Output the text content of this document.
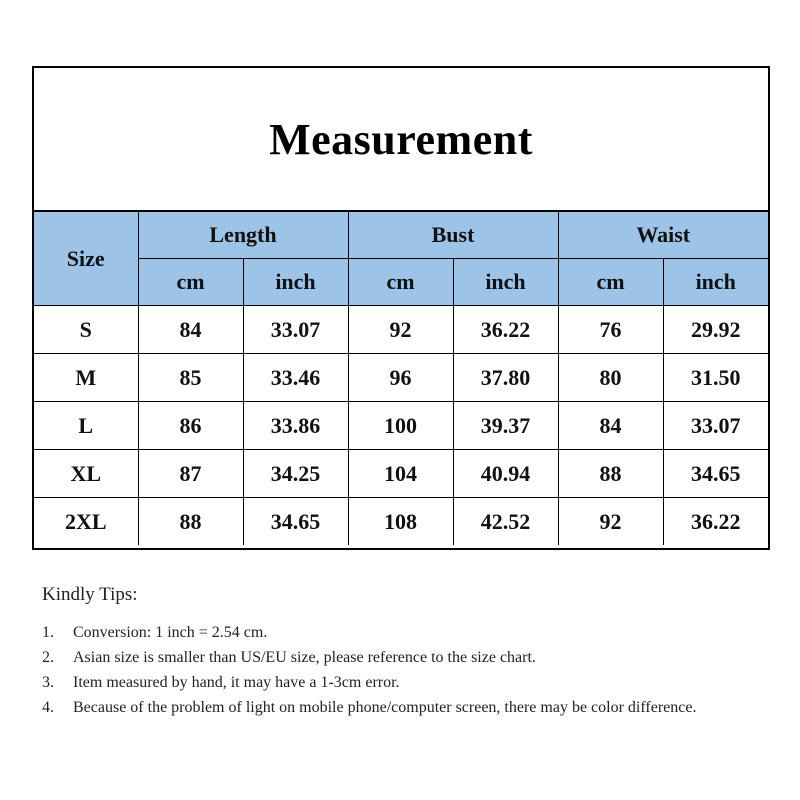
Measurement
Size	Length		Bust		Waist	
	cm	inch	cm	inch	cm	inch
S	84	33.07	92	36.22	76	29.92
M	85	33.46	96	37.80	80	31.50
L	86	33.86	100	39.37	84	33.07
XL	87	34.25	104	40.94	88	34.65
2XL	88	34.65	108	42.52	92	36.22
Kindly Tips:
1.	Conversion: 1 inch = 2.54 cm.
2.	Asian size is smaller than US/EU size, please reference to the size chart.
3.	Item measured by hand, it may have a 1-3cm error.
4.	Because of the problem of light on mobile phone/computer screen, there may be color difference.
